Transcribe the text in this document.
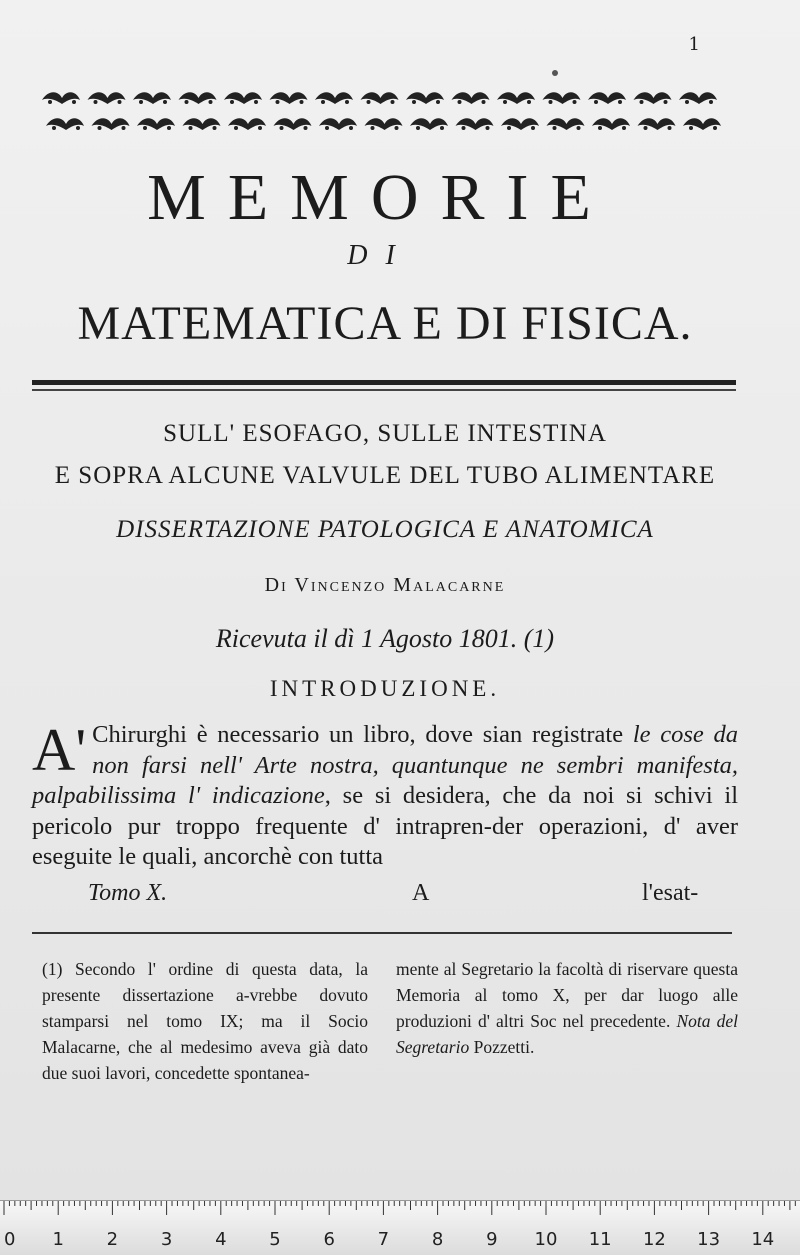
1
MEMORIE
DI
MATEMATICA E DI FISICA.
SULL' ESOFAGO, SULLE INTESTINA
E SOPRA ALCUNE VALVULE DEL TUBO ALIMENTARE
DISSERTAZIONE PATOLOGICA E ANATOMICA
Di Vincenzo Malacarne
Ricevuta il dì 1 Agosto 1801. (1)
INTRODUZIONE.
A' Chirurghi è necessario un libro, dove sian registrate le cose da non farsi nell' Arte nostra, quantunque ne sembri manifesta, palpabilissima l' indicazione, se si desidera, che da noi si schivi il pericolo pur troppo frequente d' intrapren-der operazioni, d' aver eseguite le quali, ancorchè con tutta
Tomo X.	A	l'esat-
(1) Secondo l' ordine di questa data, la presente dissertazione a-vrebbe dovuto stamparsi nel tomo IX; ma il Socio Malacarne, che al medesimo aveva già dato due suoi lavori, concedette spontanea-
mente al Segretario la facoltà di riservare questa Memoria al tomo X, per dar luogo alle produzioni d' altri Soc nel precedente. Nota del Segretario Pozzetti.
0 1 2 3 4 5 6 7 8 9 10 11 12 13 14
